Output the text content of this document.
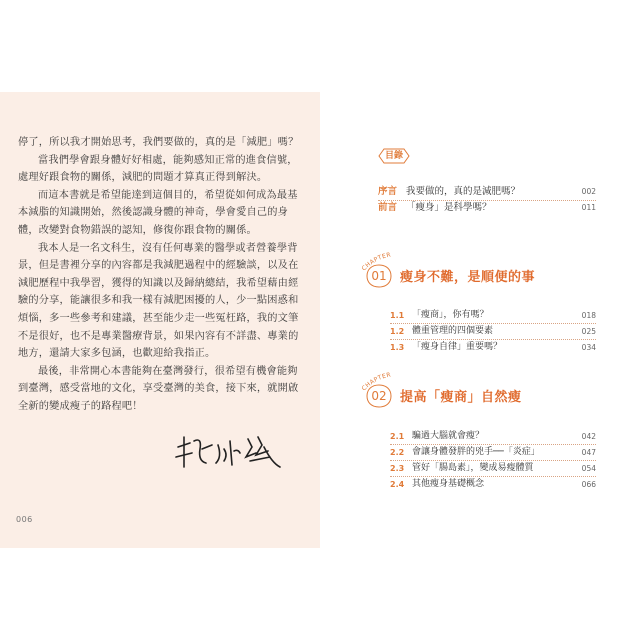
停了，所以我才開始思考，我們要做的，真的是「減肥」嗎？

當我們學會跟身體好好相處，能夠感知正常的進食信號，處理好跟食物的關係，減肥的問題才算真正得到解決。

而這本書就是希望能達到這個目的，希望從如何成為最基本減脂的知識開始，然後認識身體的神奇，學會愛自己的身體，改變對食物錯誤的認知，修復你跟食物的關係。

我本人是一名文科生，沒有任何專業的醫學或者營養學背景，但是書裡分享的內容都是我減肥過程中的經驗談，以及在減肥歷程中我學習，獲得的知識以及歸納總結，我希望藉由經驗的分享，能讓很多和我一樣有減肥困擾的人，少一點困惑和煩惱，多一些參考和建議，甚至能少走一些冤枉路，我的文筆不是很好，也不是專業醫療背景，如果內容有不詳盡、專業的地方，還請大家多包涵，也歡迎給我指正。

最後，非常開心本書能夠在臺灣發行，很希望有機會能夠到臺灣，感受當地的文化，享受臺灣的美食，接下來，就開啟全新的變成瘦子的路程吧！

006
目錄
序言 我要做的，真的是減肥嗎？	002
前言 「瘦身」是科學嗎？	011
CHAPTER
01	瘦身不難，是順便的事
1.1 「瘦商」，你有嗎？	018
1.2 體重管理的四個要素	025
1.3 「瘦身自律」重要嗎？	034
CHAPTER
02	提高「瘦商」自然瘦
2.1 騙過大腦就會瘦？	042
2.2 會讓身體發胖的兇手──「炎症」	047
2.3 管好「腸島素」，變成易瘦體質	054
2.4 其他瘦身基礎概念	066
